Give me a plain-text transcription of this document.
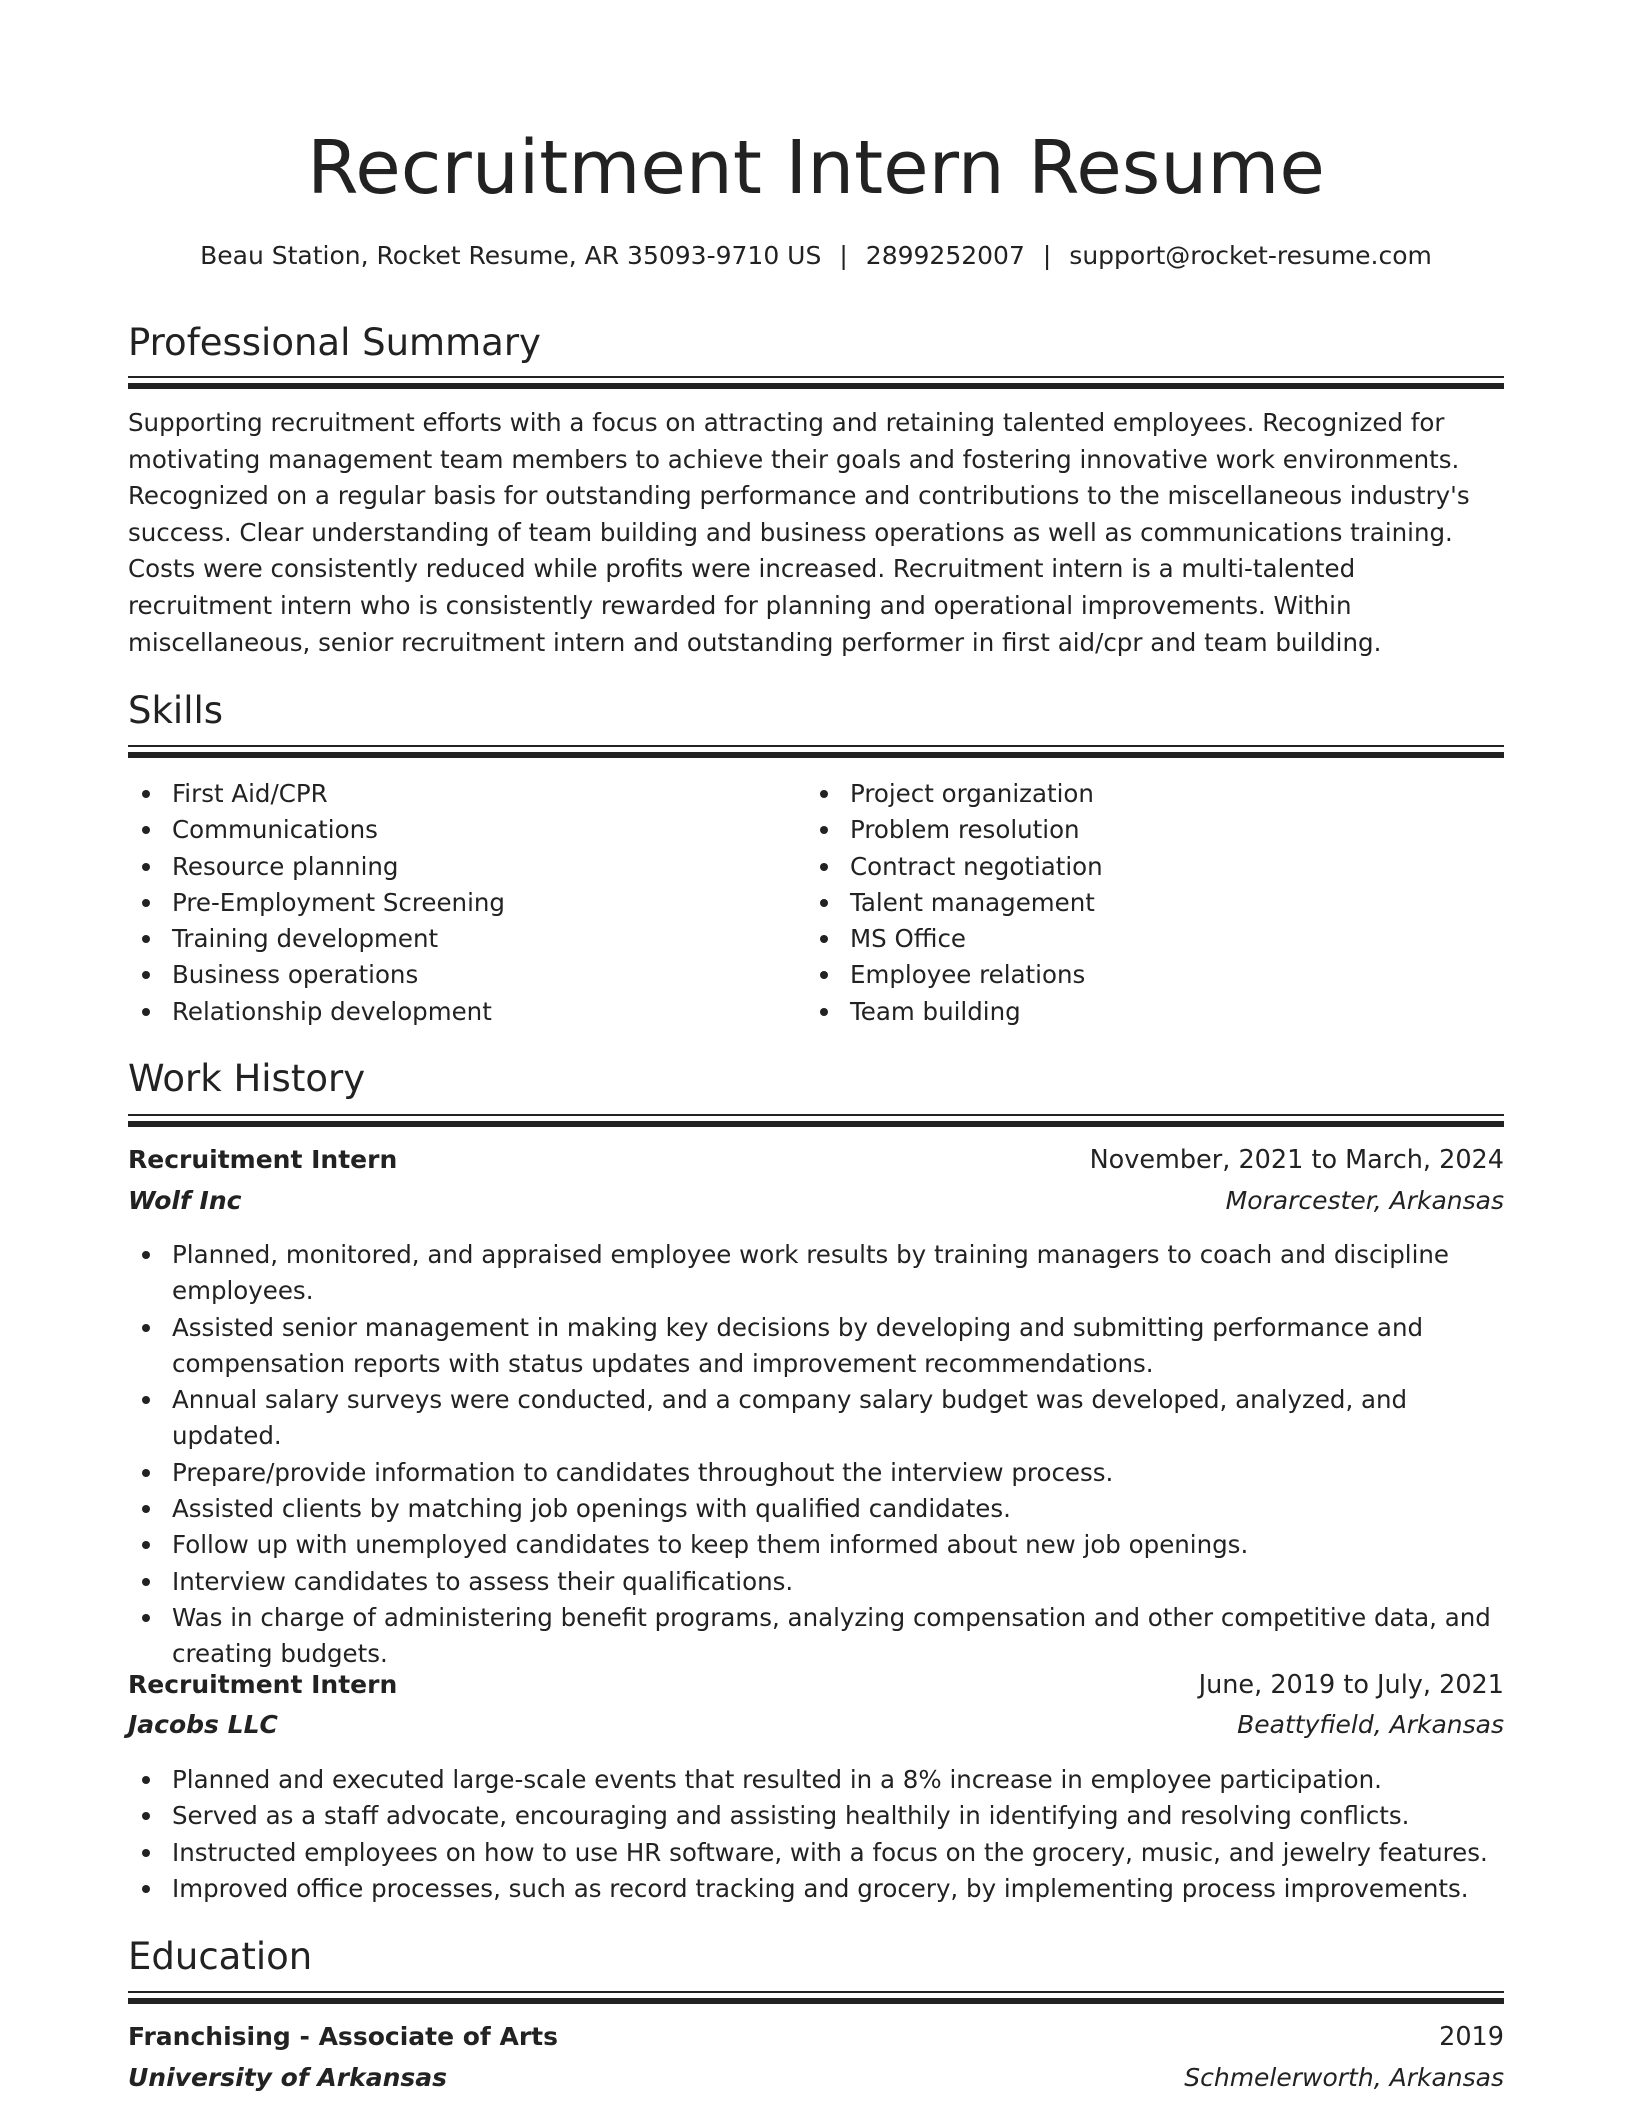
Recruitment Intern Resume
Beau Station, Rocket Resume, AR 35093-9710 US | 2899252007 | support@rocket-resume.com
Professional Summary

Supporting recruitment efforts with a focus on attracting and retaining talented employees. Recognized for motivating management team members to achieve their goals and fostering innovative work environments. Recognized on a regular basis for outstanding performance and contributions to the miscellaneous industry's success. Clear understanding of team building and business operations as well as communications training. Costs were consistently reduced while profits were increased. Recruitment intern is a multi-talented recruitment intern who is consistently rewarded for planning and operational improvements. Within miscellaneous, senior recruitment intern and outstanding performer in first aid/cpr and team building.

Skills
First Aid/CPR
Communications
Resource planning
Pre-Employment Screening
Training development
Business operations
Relationship development
Project organization
Problem resolution
Contract negotiation
Talent management
MS Office
Employee relations
Team building
Work History
Recruitment Intern	November, 2021 to March, 2024
Wolf Inc	Morarcester, Arkansas
Planned, monitored, and appraised employee work results by training managers to coach and discipline employees.
Assisted senior management in making key decisions by developing and submitting performance and compensation reports with status updates and improvement recommendations.
Annual salary surveys were conducted, and a company salary budget was developed, analyzed, and updated.
Prepare/provide information to candidates throughout the interview process.
Assisted clients by matching job openings with qualified candidates.
Follow up with unemployed candidates to keep them informed about new job openings.
Interview candidates to assess their qualifications.
Was in charge of administering benefit programs, analyzing compensation and other competitive data, and creating budgets.
Recruitment Intern	June, 2019 to July, 2021
Jacobs LLC	Beattyfield, Arkansas
Planned and executed large-scale events that resulted in a 8% increase in employee participation.
Served as a staff advocate, encouraging and assisting healthily in identifying and resolving conflicts.
Instructed employees on how to use HR software, with a focus on the grocery, music, and jewelry features.
Improved office processes, such as record tracking and grocery, by implementing process improvements.
Education
Franchising - Associate of Arts	2019
University of Arkansas	Schmelerworth, Arkansas
